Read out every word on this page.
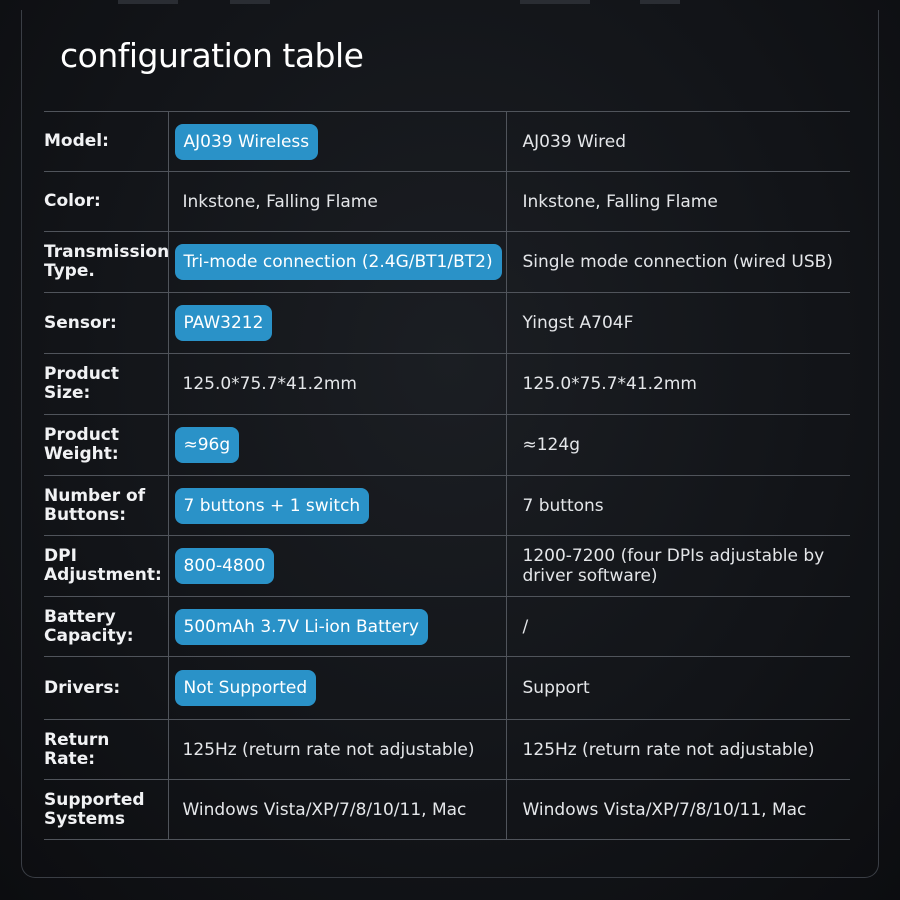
configuration table
Model:	AJ039 Wireless	AJ039 Wired
Color:	Inkstone, Falling Flame	Inkstone, Falling Flame
Transmission Type.	Tri-mode connection (2.4G/BT1/BT2)	Single mode connection (wired USB)
Sensor:	PAW3212	Yingst A704F
Product Size:	125.0*75.7*41.2mm	125.0*75.7*41.2mm
Product Weight:	≈96g	≈124g
Number of Buttons:	7 buttons + 1 switch	7 buttons
DPI Adjustment:	800-4800	1200-7200 (four DPIs adjustable by driver software)
Battery Capacity:	500mAh 3.7V Li-ion Battery	/
Drivers:	Not Supported	Support
Return Rate:	125Hz (return rate not adjustable)	125Hz (return rate not adjustable)
Supported Systems	Windows Vista/XP/7/8/10/11, Mac	Windows Vista/XP/7/8/10/11, Mac
